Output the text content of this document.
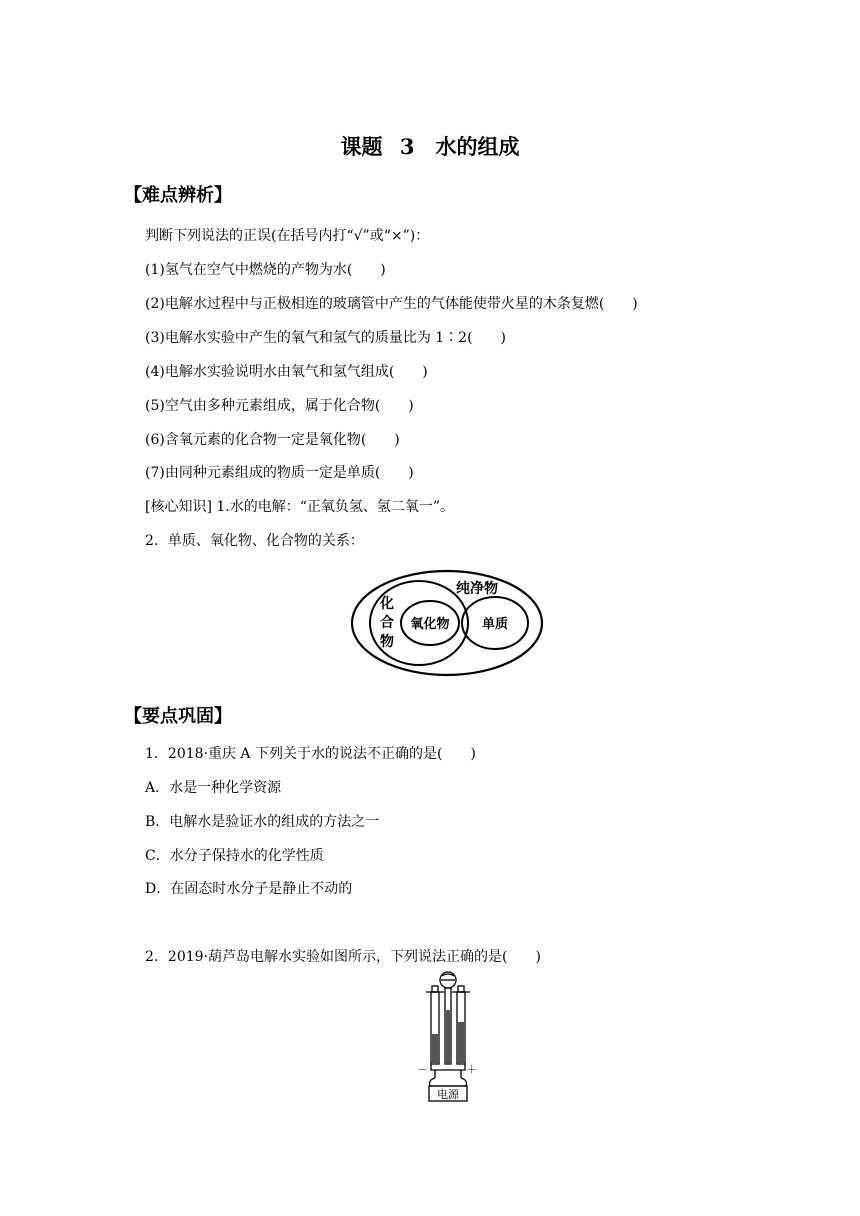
课题 3　水的组成
【难点辨析】
判断下列说法的正误(在括号内打“√”或“×”)：
(1)氢气在空气中燃烧的产物为水(　　)
(2)电解水过程中与正极相连的玻璃管中产生的气体能使带火星的木条复燃(　　)
(3)电解水实验中产生的氧气和氢气的质量比为 1∶2(　　)
(4)电解水实验说明水由氧气和氢气组成(　　)
(5)空气由多种元素组成，属于化合物(　　)
(6)含氧元素的化合物一定是氧化物(　　)
(7)由同种元素组成的物质一定是单质(　　)
[核心知识] 1.水的电解：“正氧负氢、氢二氧一”。
2．单质、氧化物、化合物的关系：
纯净物
化
合
物
氧化物 单质
【要点巩固】
1．2018·重庆 A 下列关于水的说法不正确的是(　　)
A．水是一种化学资源
B．电解水是验证水的组成的方法之一
C．水分子保持水的化学性质
D．在固态时水分子是静止不动的
2．2019·葫芦岛电解水实验如图所示，下列说法正确的是(　　)
－	＋
电源
